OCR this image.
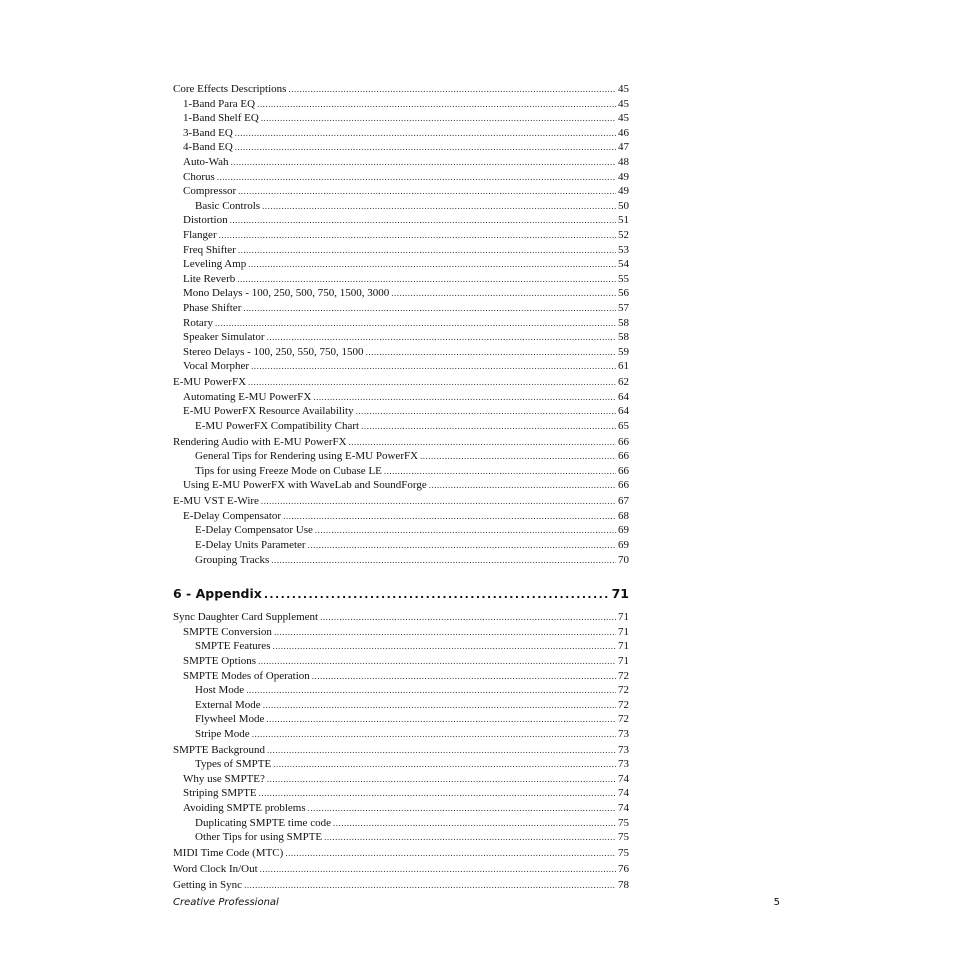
Core Effects Descriptions .....	45
1-Band Para EQ .....	45
1-Band Shelf EQ .....	45
3-Band EQ .....	46
4-Band EQ .....	47
Auto-Wah .....	48
Chorus .....	49
Compressor .....	49
Basic Controls .....	50
Distortion .....	51
Flanger .....	52
Freq Shifter .....	53
Leveling Amp .....	54
Lite Reverb .....	55
Mono Delays - 100, 250, 500, 750, 1500, 3000 .....	56
Phase Shifter .....	57
Rotary .....	58
Speaker Simulator .....	58
Stereo Delays - 100, 250, 550, 750, 1500 .....	59
Vocal Morpher .....	61
E-MU PowerFX .....	62
Automating E-MU PowerFX .....	64
E-MU PowerFX Resource Availability .....	64
E-MU PowerFX Compatibility Chart .....	65
Rendering Audio with E-MU PowerFX .....	66
General Tips for Rendering using E-MU PowerFX .....	66
Tips for using Freeze Mode on Cubase LE .....	66
Using E-MU PowerFX with WaveLab and SoundForge .....	66
E-MU VST E-Wire .....	67
E-Delay Compensator .....	68
E-Delay Compensator Use .....	69
E-Delay Units Parameter .....	69
Grouping Tracks .....	70
6 - Appendix .....	71
Sync Daughter Card Supplement .....	71
SMPTE Conversion .....	71
SMPTE Features .....	71
SMPTE Options .....	71
SMPTE Modes of Operation .....	72
Host Mode .....	72
External Mode .....	72
Flywheel Mode .....	72
Stripe Mode .....	73
SMPTE Background .....	73
Types of SMPTE .....	73
Why use SMPTE? .....	74
Striping SMPTE .....	74
Avoiding SMPTE problems .....	74
Duplicating SMPTE time code .....	75
Other Tips for using SMPTE .....	75
MIDI Time Code (MTC) .....	75
Word Clock In/Out .....	76
Getting in Sync .....	78
Creative Professional	5
